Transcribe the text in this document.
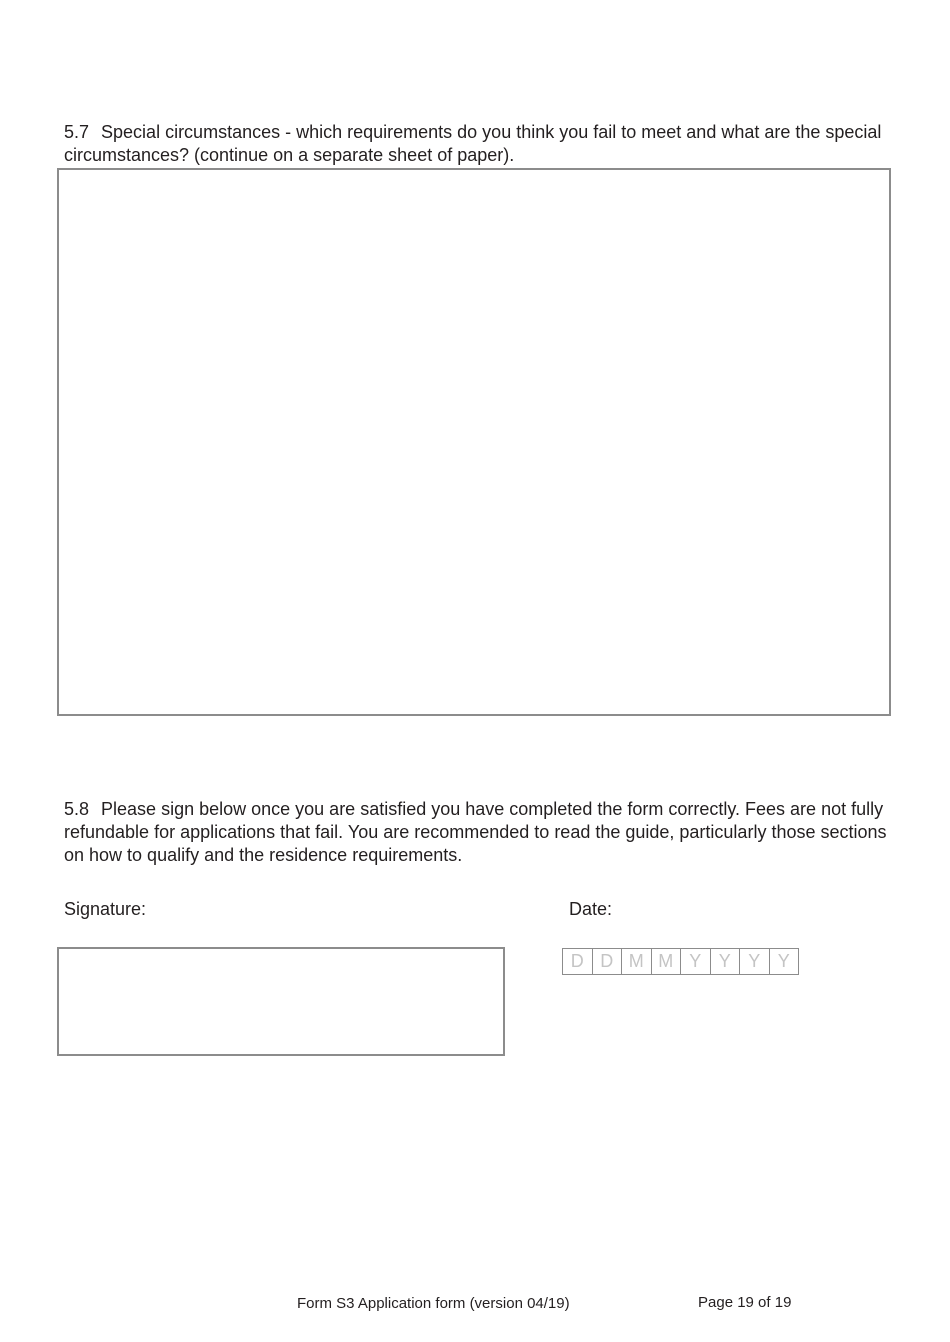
5.7 Special circumstances - which requirements do you think you fail to meet and what are the special circumstances? (continue on a separate sheet of paper).

5.8 Please sign below once you are satisfied you have completed the form correctly. Fees are not fully refundable for applications that fail. You are recommended to read the guide, particularly those sections on how to qualify and the residence requirements.

Signature:	Date:

D D M M Y Y Y Y

Form S3 Application form (version 04/19)	Page 19 of 19
